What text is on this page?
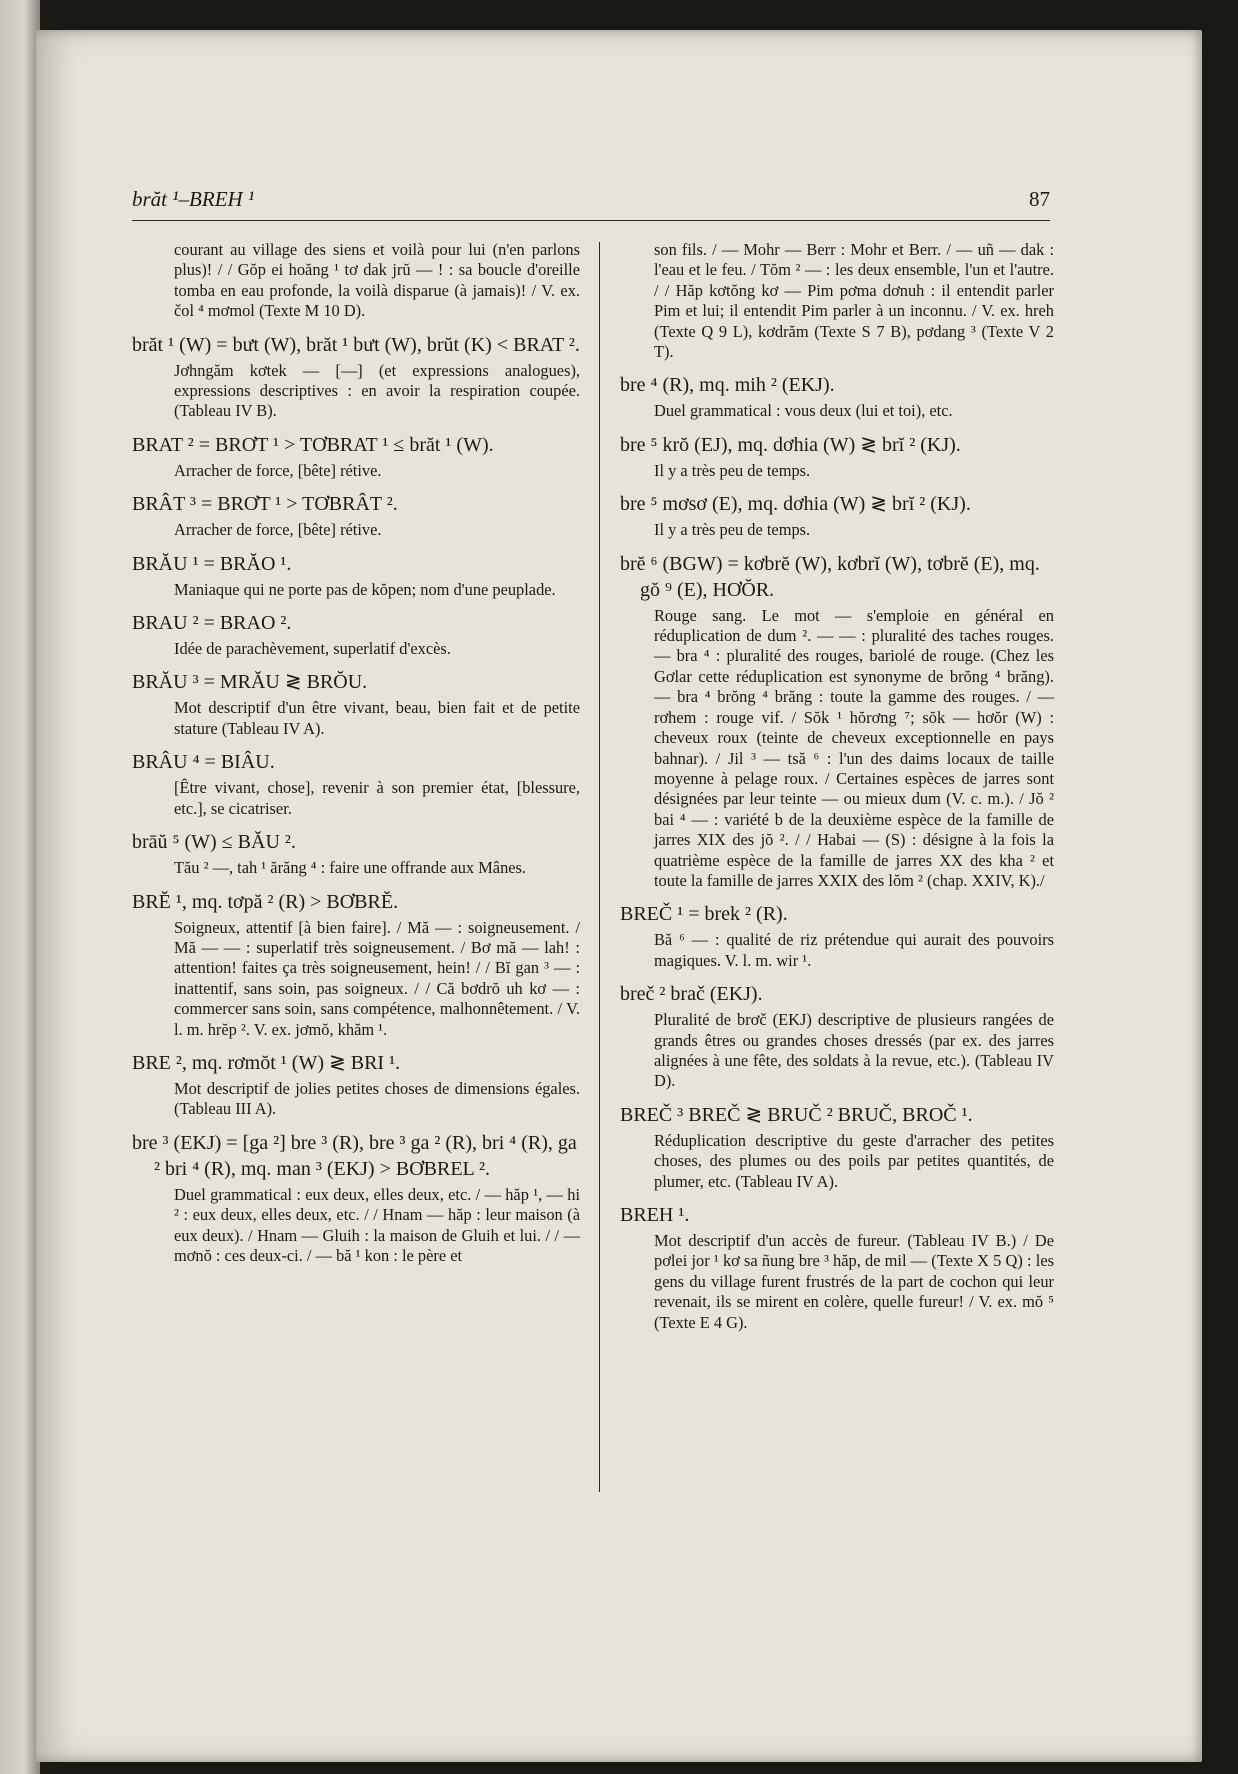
brăt ¹–BREH ¹	87

courant au village des siens et voilà pour lui (n'en parlons plus)! / / Gŏp ei hoăng ¹ tơ dak jrŭ — ! : sa boucle d'oreille tomba en eau profonde, la voilà disparue (à jamais)! / V. ex. čol ⁴ mơmol (Texte M 10 D).

brăt ¹ (W) = bưt (W), brăt ¹ bưt (W), brŭt (K) < BRAT ².

Jơhngăm kơtek — [—] (et expressions analogues), expressions descriptives : en avoir la respiration coupée. (Tableau IV B).

BRAT ² = BRƠT ¹ > TƠBRAT ¹ ≤ brăt ¹ (W).

Arracher de force, [bête] rétive.

BRÂT ³ = BRƠT ¹ > TƠBRÂT ².

Arracher de force, [bête] rétive.

BRĂU ¹ = BRĂO ¹.

Maniaque qui ne porte pas de kŏpen; nom d'une peuplade.

BRAU ² = BRAO ².

Idée de parachèvement, superlatif d'excès.

BRĂU ³ = MRĂU ≷ BRŎU.

Mot descriptif d'un être vivant, beau, bien fait et de petite stature (Tableau IV A).

BRÂU ⁴ = BIÂU.

[Être vivant, chose], revenir à son premier état, [blessure, etc.], se cicatriser.

brāŭ ⁵ (W) ≤ BĂU ².

Tău ² —, tah ¹ ărăng ⁴ : faire une offrande aux Mânes.

BRĔ ¹, mq. tơpă ² (R) > BƠBRĔ.

Soigneux, attentif [à bien faire]. / Mă — : soigneusement. / Mă — — : superlatif très soigneusement. / Bơ mă — lah! : attention! faites ça très soigneusement, hein! / / Bĭ gan ³ — : inattentif, sans soin, pas soigneux. / / Că bơdrŏ uh kơ — : commercer sans soin, sans compétence, malhonnêtement. / V. l. m. hrĕp ². V. ex. jơmŏ, khăm ¹.

BRE ², mq. rơmŏt ¹ (W) ≷ BRI ¹.

Mot descriptif de jolies petites choses de dimensions égales. (Tableau III A).

bre ³ (EKJ) = [ga ²] bre ³ (R), bre ³ ga ² (R), bri ⁴ (R), ga ² bri ⁴ (R), mq. man ³ (EKJ) > BƠBREL ².

Duel grammatical : eux deux, elles deux, etc. / — hăp ¹, — hi ² : eux deux, elles deux, etc. / / Hnam — hăp : leur maison (à eux deux). / Hnam — Gluih : la maison de Gluih et lui. / / — mơnŏ : ces deux-ci. / — bă ¹ kon : le père et

son fils. / — Mohr — Berr : Mohr et Berr. / — uñ — dak : l'eau et le feu. / Tŏm ² — : les deux ensemble, l'un et l'autre. / / Hăp kơtŏng kơ — Pim pơma dơnuh : il entendit parler Pim et lui; il entendit Pim parler à un inconnu. / V. ex. hreh (Texte Q 9 L), kơdrăm (Texte S 7 B), pơdang ³ (Texte V 2 T).

bre ⁴ (R), mq. mih ² (EKJ).

Duel grammatical : vous deux (lui et toi), etc.

bre ⁵ krŏ (EJ), mq. dơhia (W) ≷ brĭ ² (KJ).

Il y a très peu de temps.

bre ⁵ mơsơ (E), mq. dơhia (W) ≷ brĭ ² (KJ).

Il y a très peu de temps.

brĕ ⁶ (BGW) = kơbrĕ (W), kơbrĭ (W), tơbrĕ (E), mq. gŏ ⁹ (E), HƠŎR.

Rouge sang. Le mot — s'emploie en général en réduplication de dum ². — — : pluralité des taches rouges. — bra ⁴ : pluralité des rouges, bariolé de rouge. (Chez les Gơlar cette réduplication est synonyme de brŏng ⁴ brăng). — bra ⁴ brŏng ⁴ brăng : toute la gamme des rouges. / — rơhem : rouge vif. / Sŏk ¹ hŏrơng ⁷; sŏk — hơŏr (W) : cheveux roux (teinte de cheveux exceptionnelle en pays bahnar). / Jil ³ — tsă ⁶ : l'un des daims locaux de taille moyenne à pelage roux. / Certaines espèces de jarres sont désignées par leur teinte — ou mieux dum (V. c. m.). / Jŏ ² bai ⁴ — : variété b de la deuxième espèce de la famille de jarres XIX des jŏ ². / / Habai — (S) : désigne à la fois la quatrième espèce de la famille de jarres XX des kha ² et toute la famille de jarres XXIX des lŏm ² (chap. XXIV, K)./

BREČ ¹ = brek ² (R).

Bă ⁶ — : qualité de riz prétendue qui aurait des pouvoirs magiques. V. l. m. wir ¹.

breč ² brač (EKJ).

Pluralité de brơč (EKJ) descriptive de plusieurs rangées de grands êtres ou grandes choses dressés (par ex. des jarres alignées à une fête, des soldats à la revue, etc.). (Tableau IV D).

BREČ ³ BREČ ≷ BRUČ ² BRUČ, BROČ ¹.

Réduplication descriptive du geste d'arracher des petites choses, des plumes ou des poils par petites quantités, de plumer, etc. (Tableau IV A).

BREH ¹.

Mot descriptif d'un accès de fureur. (Tableau IV B.) / De pơlei jor ¹ kơ sa ñung bre ³ hăp, de mil — (Texte X 5 Q) : les gens du village furent frustrés de la part de cochon qui leur revenait, ils se mirent en colère, quelle fureur! / V. ex. mŏ ⁵ (Texte E 4 G).
